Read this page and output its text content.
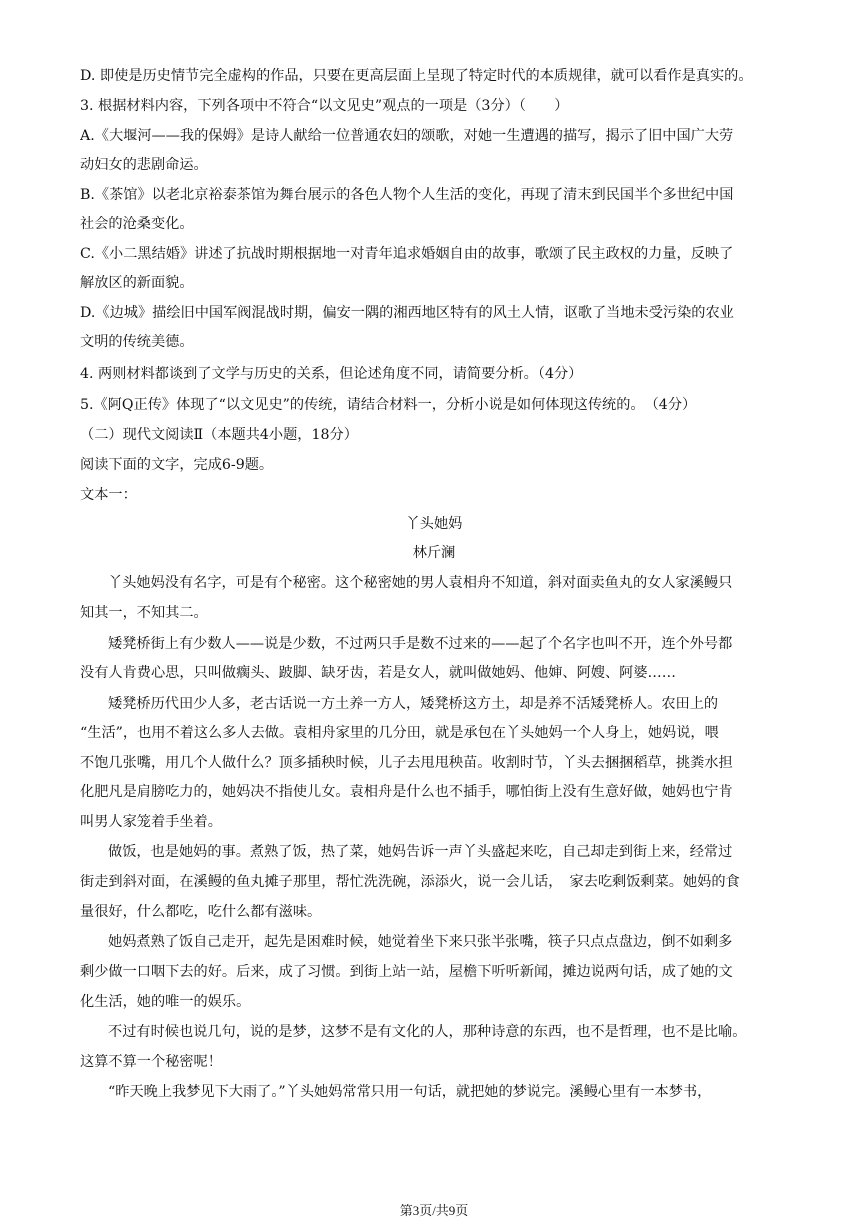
D. 即使是历史情节完全虚构的作品，只要在更高层面上呈现了特定时代的本质规律，就可以看作是真实的。
3. 根据材料内容，下列各项中不符合“以文见史”观点的一项是（3分）（　　）
A.《大堰河——我的保姆》是诗人献给一位普通农妇的颂歌，对她一生遭遇的描写，揭示了旧中国广大劳
动妇女的悲剧命运。
B.《茶馆》以老北京裕泰茶馆为舞台展示的各色人物个人生活的变化，再现了清末到民国半个多世纪中国
社会的沧桑变化。
C.《小二黑结婚》讲述了抗战时期根据地一对青年追求婚姻自由的故事，歌颂了民主政权的力量，反映了
解放区的新面貌。
D.《边城》描绘旧中国军阀混战时期，偏安一隅的湘西地区特有的风土人情，讴歌了当地未受污染的农业
文明的传统美德。
4. 两则材料都谈到了文学与历史的关系，但论述角度不同，请简要分析。（4分）
5.《阿Q正传》体现了“以文见史”的传统，请结合材料一，分析小说是如何体现这传统的。　（4分）
（二）现代文阅读Ⅱ（本题共4小题，18分）
阅读下面的文字，完成6-9题。
文本一：
丫头她妈
林斤澜
丫头她妈没有名字，可是有个秘密。这个秘密她的男人袁相舟不知道，斜对面卖鱼丸的女人家溪鳗只
知其一，不知其二。
矮凳桥街上有少数人——说是少数，不过两只手是数不过来的——起了个名字也叫不开，连个外号都
没有人肯费心思，只叫做瘸头、跛脚、缺牙齿，若是女人，就叫做她妈、他婶、阿嫂、阿婆……
矮凳桥历代田少人多，老古话说一方土养一方人，矮凳桥这方土，却是养不活矮凳桥人。农田上的
“生活”，也用不着这么多人去做。袁相舟家里的几分田，就是承包在丫头她妈一个人身上，她妈说，喂
不饱几张嘴，用几个人做什么？顶多插秧时候，儿子去甩甩秧苗。收割时节，丫头去捆捆稻草，挑粪水担
化肥凡是肩膀吃力的，她妈决不指使儿女。袁相舟是什么也不插手，哪怕街上没有生意好做，她妈也宁肯
叫男人家笼着手坐着。
做饭，也是她妈的事。煮熟了饭，热了菜，她妈告诉一声丫头盛起来吃，自己却走到街上来，经常过
街走到斜对面，在溪鳗的鱼丸摊子那里，帮忙洗洗碗，添添火，说一会儿话，　家去吃剩饭剩菜。她妈的食
量很好，什么都吃，吃什么都有滋味。
她妈煮熟了饭自己走开，起先是困难时候，她觉着坐下来只张半张嘴，筷子只点点盘边，倒不如剩多
剩少做一口咽下去的好。后来，成了习惯。到街上站一站，屋檐下听听新闻，摊边说两句话，成了她的文
化生活，她的唯一的娱乐。
不过有时候也说几句，说的是梦，这梦不是有文化的人，那种诗意的东西，也不是哲理，也不是比喻。
这算不算一个秘密呢！
“昨天晚上我梦见下大雨了。”丫头她妈常常只用一句话，就把她的梦说完。溪鳗心里有一本梦书，
第3页/共9页
